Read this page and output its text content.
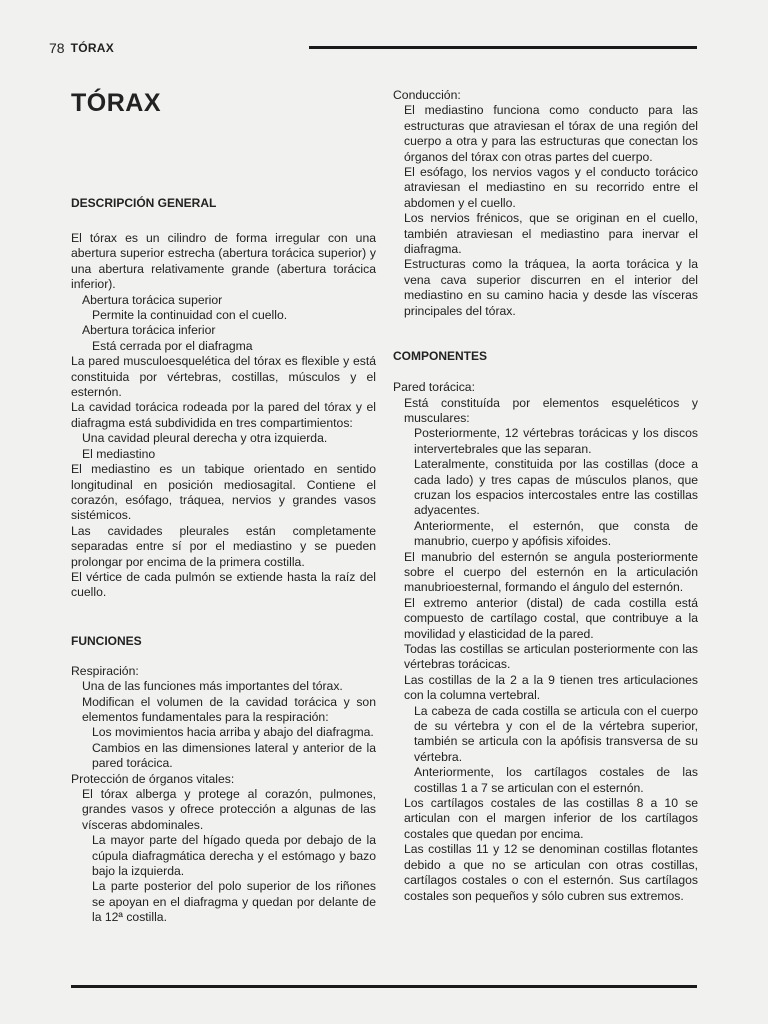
78 TÓRAX
TÓRAX
DESCRIPCIÓN GENERAL

El tórax es un cilindro de forma irregular con una abertura superior estrecha (abertura torácica superior) y una abertura relativamente grande (abertura torácica inferior).

Abertura torácica superior

Permite la continuidad con el cuello.

Abertura torácica inferior

Está cerrada por el diafragma

La pared musculoesquelética del tórax es flexible y está constituida por vértebras, costillas, músculos y el esternón.

La cavidad torácica rodeada por la pared del tórax y el diafragma está subdividida en tres compartimientos:

Una cavidad pleural derecha y otra izquierda.

El mediastino

El mediastino es un tabique orientado en sentido longitudinal en posición mediosagital. Contiene el corazón, esófago, tráquea, nervios y grandes vasos sistémicos.

Las cavidades pleurales están completamente separadas entre sí por el mediastino y se pueden prolongar por encima de la primera costilla.

El vértice de cada pulmón se extiende hasta la raíz del cuello.

FUNCIONES

Respiración:

Una de las funciones más importantes del tórax.

Modifican el volumen de la cavidad torácica y son elementos fundamentales para la respiración:

Los movimientos hacia arriba y abajo del diafragma.

Cambios en las dimensiones lateral y anterior de la pared torácica.

Protección de órganos vitales:

El tórax alberga y protege al corazón, pulmones, grandes vasos y ofrece protección a algunas de las vísceras abdominales.

La mayor parte del hígado queda por debajo de la cúpula diafragmática derecha y el estómago y bazo bajo la izquierda.

La parte posterior del polo superior de los riñones se apoyan en el diafragma y quedan por delante de la 12ª costilla.

Conducción:

El mediastino funciona como conducto para las estructuras que atraviesan el tórax de una región del cuerpo a otra y para las estructuras que conectan los órganos del tórax con otras partes del cuerpo.

El esófago, los nervios vagos y el conducto torácico atraviesan el mediastino en su recorrido entre el abdomen y el cuello.

Los nervios frénicos, que se originan en el cuello, también atraviesan el mediastino para inervar el diafragma.

Estructuras como la tráquea, la aorta torácica y la vena cava superior discurren en el interior del mediastino en su camino hacia y desde las vísceras principales del tórax.

COMPONENTES

Pared torácica:

Está constituída por elementos esqueléticos y musculares:

Posteriormente, 12 vértebras torácicas y los discos intervertebrales que las separan.

Lateralmente, constituida por las costillas (doce a cada lado) y tres capas de músculos planos, que cruzan los espacios intercostales entre las costillas adyacentes.

Anteriormente, el esternón, que consta de manubrio, cuerpo y apófisis xifoides.

El manubrio del esternón se angula posteriormente sobre el cuerpo del esternón en la articulación manubrioesternal, formando el ángulo del esternón.

El extremo anterior (distal) de cada costilla está compuesto de cartílago costal, que contribuye a la movilidad y elasticidad de la pared.

Todas las costillas se articulan posteriormente con las vértebras torácicas.

Las costillas de la 2 a la 9 tienen tres articulaciones con la columna vertebral.

La cabeza de cada costilla se articula con el cuerpo de su vértebra y con el de la vértebra superior, también se articula con la apófisis transversa de su vértebra.

Anteriormente, los cartílagos costales de las costillas 1 a 7 se articulan con el esternón.

Los cartílagos costales de las costillas 8 a 10 se articulan con el margen inferior de los cartílagos costales que quedan por encima.

Las costillas 11 y 12 se denominan costillas flotantes debido a que no se articulan con otras costillas, cartílagos costales o con el esternón. Sus cartílagos costales son pequeños y sólo cubren sus extremos.
